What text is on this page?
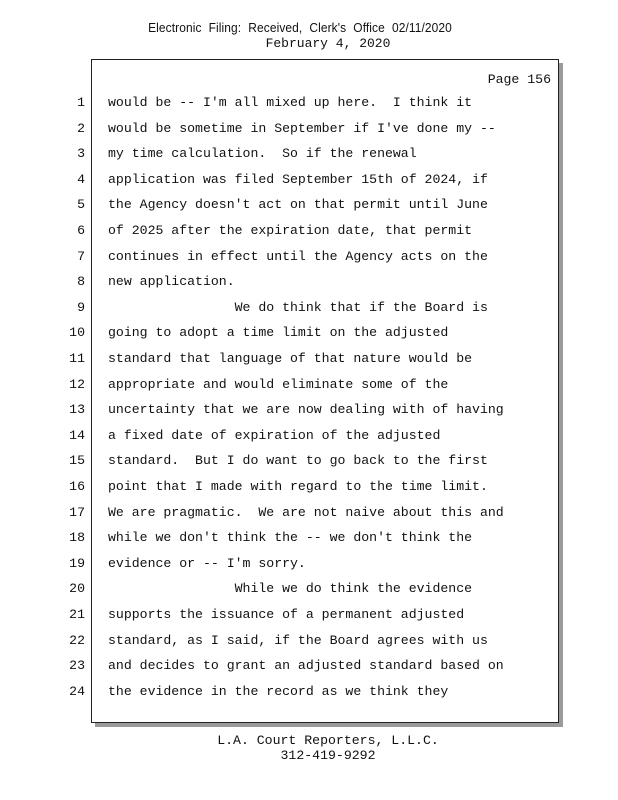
Electronic Filing: Received, Clerk's Office 02/11/2020
February 4, 2020
Page 156
1 would be -- I'm all mixed up here.  I think it
2 would be sometime in September if I've done my --
3 my time calculation.  So if the renewal
4 application was filed September 15th of 2024, if
5 the Agency doesn't act on that permit until June
6 of 2025 after the expiration date, that permit
7 continues in effect until the Agency acts on the
8 new application.
9 We do think that if the Board is
10 going to adopt a time limit on the adjusted
11 standard that language of that nature would be
12 appropriate and would eliminate some of the
13 uncertainty that we are now dealing with of having
14 a fixed date of expiration of the adjusted
15 standard.  But I do want to go back to the first
16 point that I made with regard to the time limit.
17 We are pragmatic.  We are not naive about this and
18 while we don't think the -- we don't think the
19 evidence or -- I'm sorry.
20 While we do think the evidence
21 supports the issuance of a permanent adjusted
22 standard, as I said, if the Board agrees with us
23 and decides to grant an adjusted standard based on
24 the evidence in the record as we think they
L.A. Court Reporters, L.L.C.
312-419-9292
